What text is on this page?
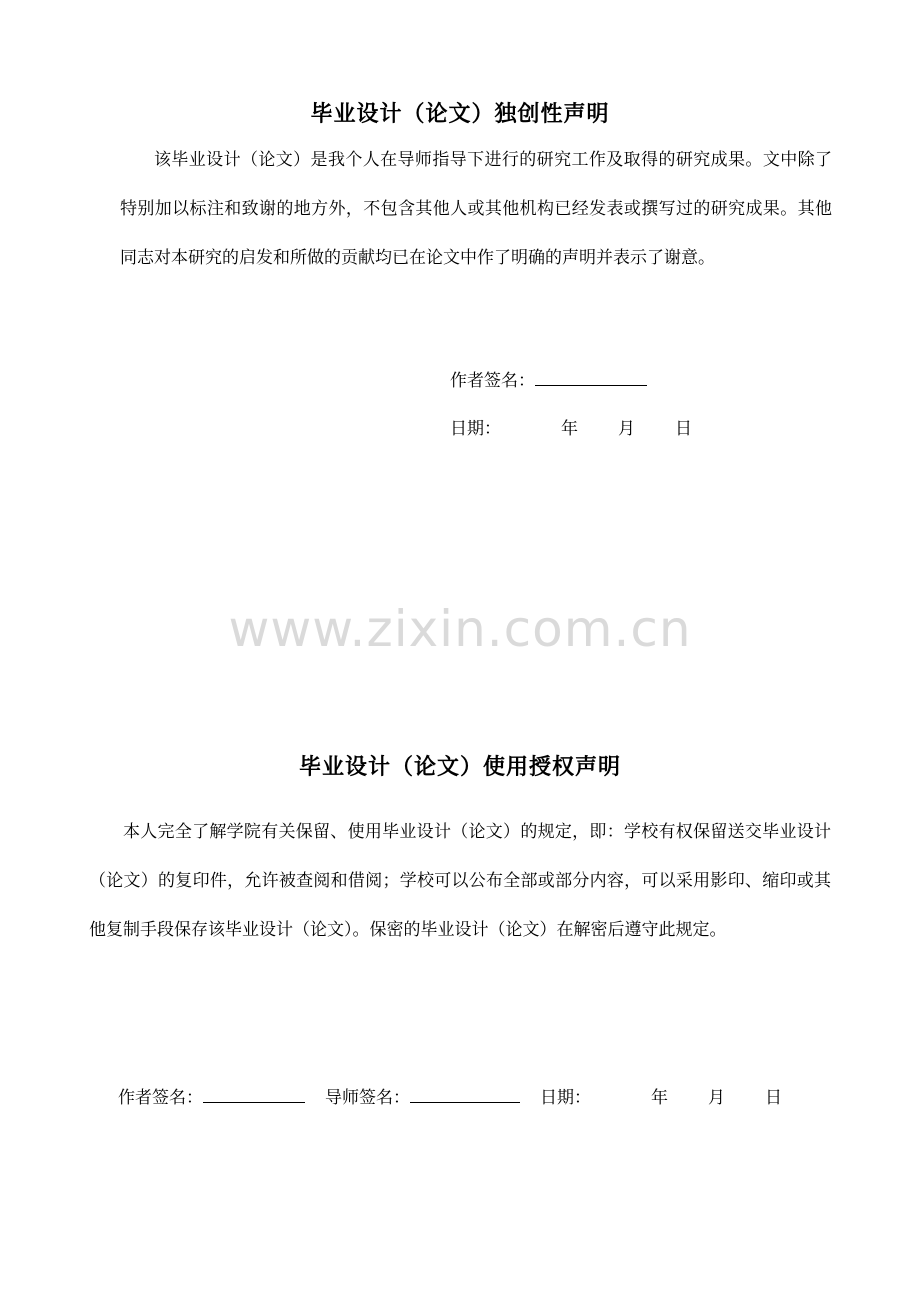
毕业设计（论文）独创性声明

该毕业设计（论文）是我个人在导师指导下进行的研究工作及取得的研究成果。文中除了特别加以标注和致谢的地方外，不包含其他人或其他机构已经发表或撰写过的研究成果。其他同志对本研究的启发和所做的贡献均已在论文中作了明确的声明并表示了谢意。

作者签名：
日期：	年 月 日
www.zixin.com.cn
毕业设计（论文）使用授权声明

本人完全了解学院有关保留、使用毕业设计（论文）的规定，即：学校有权保留送交毕业设计（论文）的复印件，允许被查阅和借阅；学校可以公布全部或部分内容，可以采用影印、缩印或其他复制手段保存该毕业设计（论文）。保密的毕业设计（论文）在解密后遵守此规定。

作者签名：	导师签名：	日期：	年 月 日
